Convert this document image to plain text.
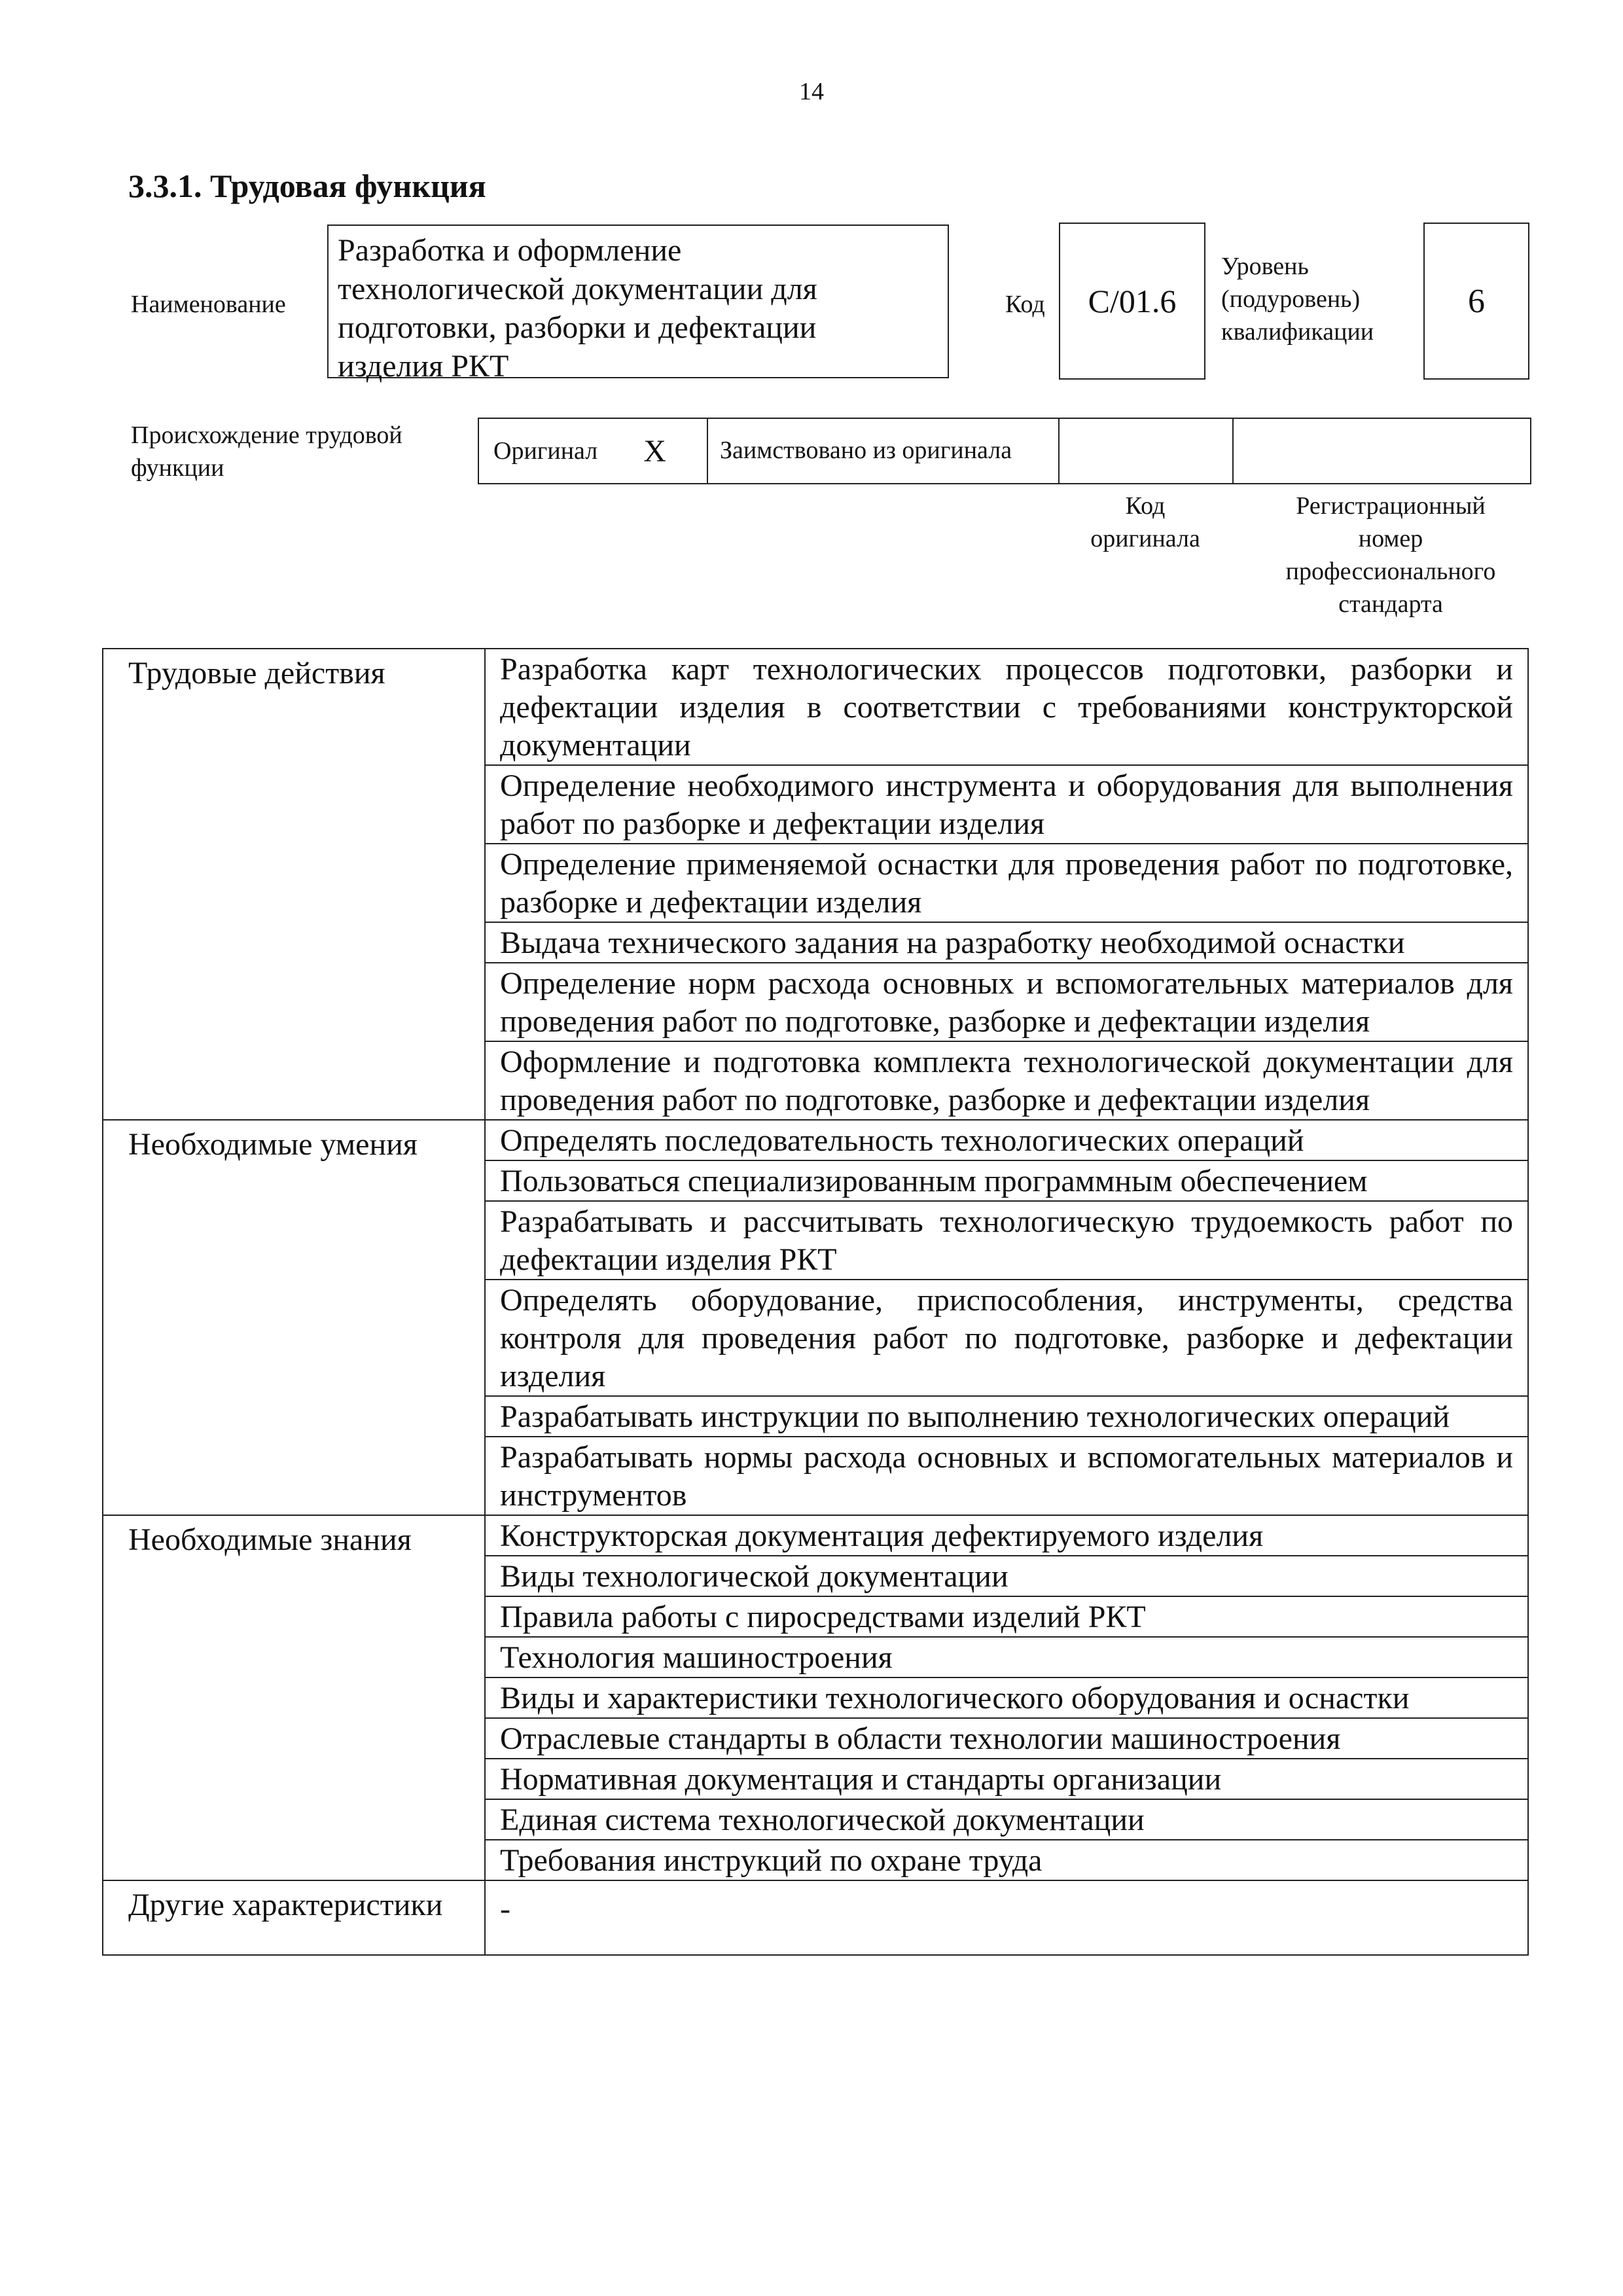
14
3.3.1. Трудовая функция
Наименование
Разработка и оформление
технологической документации для
подготовки, разборки и дефектации
изделия РКТ
Код	C/01.6
Уровень
(подуровень)
квалификации
6
Происхождение трудовой
функции
Оригинал X Заимствовано из оригинала
Код
оригинала
Регистрационный
номер
профессионального
стандарта
Трудовые действия	Разработка карт технологических процессов подготовки, разборки и дефектации изделия в соответствии с требованиями конструкторской документации
	Определение необходимого инструмента и оборудования для выполнения работ по разборке и дефектации изделия
	Определение применяемой оснастки для проведения работ по подготовке, разборке и дефектации изделия
	Выдача технического задания на разработку необходимой оснастки
	Определение норм расхода основных и вспомогательных материалов для проведения работ по подготовке, разборке и дефектации изделия
	Оформление и подготовка комплекта технологической документации для проведения работ по подготовке, разборке и дефектации изделия
Необходимые умения	Определять последовательность технологических операций
	Пользоваться специализированным программным обеспечением
	Разрабатывать и рассчитывать технологическую трудоемкость работ по дефектации изделия РКТ
	Определять оборудование, приспособления, инструменты, средства контроля для проведения работ по подготовке, разборке и дефектации изделия
	Разрабатывать инструкции по выполнению технологических операций
	Разрабатывать нормы расхода основных и вспомогательных материалов и инструментов
Необходимые знания	Конструкторская документация дефектируемого изделия
	Виды технологической документации
	Правила работы с пиросредствами изделий РКТ
	Технология машиностроения
	Виды и характеристики технологического оборудования и оснастки
	Отраслевые стандарты в области технологии машиностроения
	Нормативная документация и стандарты организации
	Единая система технологической документации
	Требования инструкций по охране труда
Другие характеристики	-
